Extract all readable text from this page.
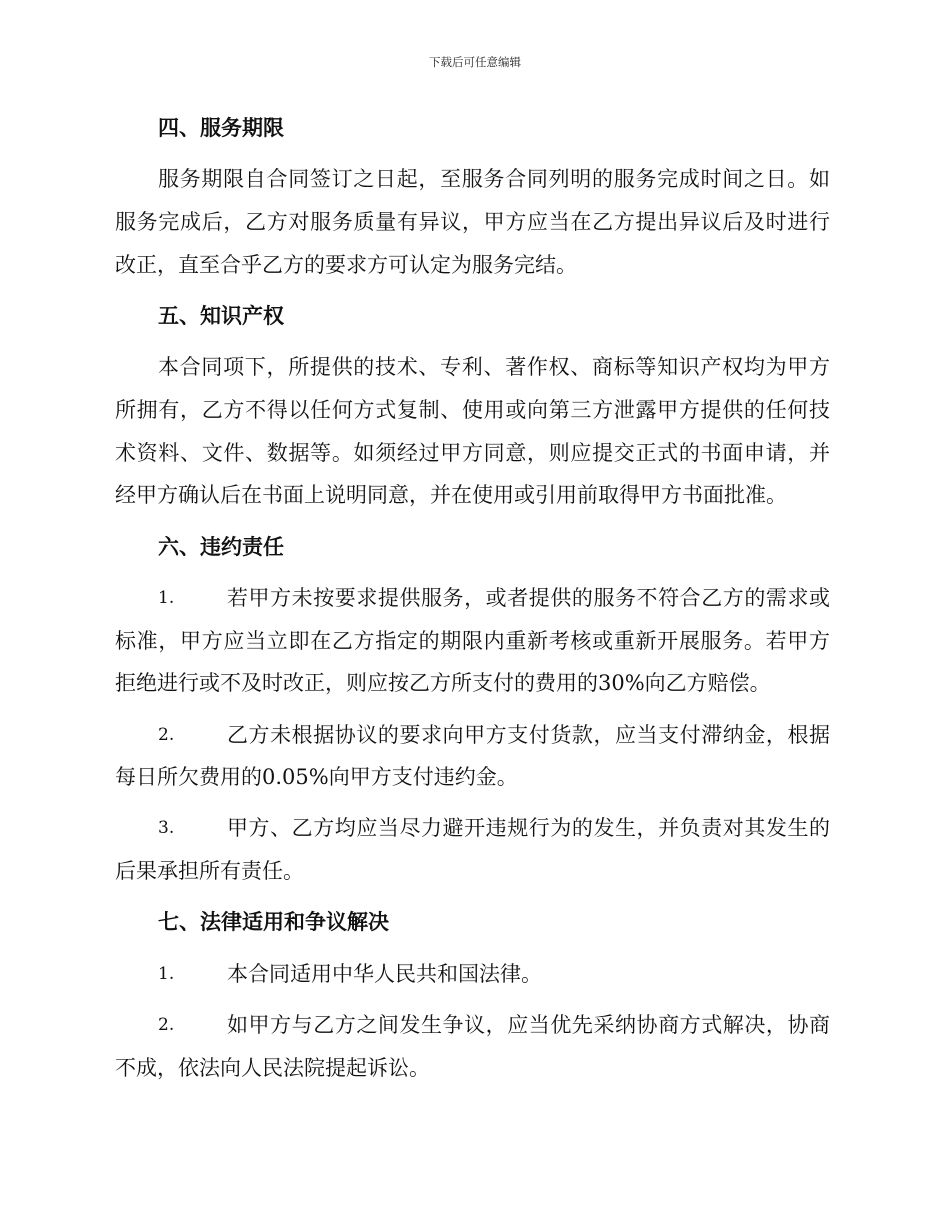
下载后可任意编辑
四、服务期限
服务期限自合同签订之日起，至服务合同列明的服务完成时间之日。如
服务完成后，乙方对服务质量有异议，甲方应当在乙方提出异议后及时进行
改正，直至合乎乙方的要求方可认定为服务完结。
五、知识产权
本合同项下，所提供的技术、专利、著作权、商标等知识产权均为甲方
所拥有，乙方不得以任何方式复制、使用或向第三方泄露甲方提供的任何技
术资料、文件、数据等。如须经过甲方同意，则应提交正式的书面申请，并
经甲方确认后在书面上说明同意，并在使用或引用前取得甲方书面批准。
六、违约责任
1.	若甲方未按要求提供服务，或者提供的服务不符合乙方的需求或
标准，甲方应当立即在乙方指定的期限内重新考核或重新开展服务。若甲方
拒绝进行或不及时改正，则应按乙方所支付的费用的30%向乙方赔偿。
2.	乙方未根据协议的要求向甲方支付货款，应当支付滞纳金，根据
每日所欠费用的0.05%向甲方支付违约金。
3.	甲方、乙方均应当尽力避开违规行为的发生，并负责对其发生的
后果承担所有责任。
七、法律适用和争议解决
1.	本合同适用中华人民共和国法律。
2.	如甲方与乙方之间发生争议，应当优先采纳协商方式解决，协商
不成，依法向人民法院提起诉讼。
